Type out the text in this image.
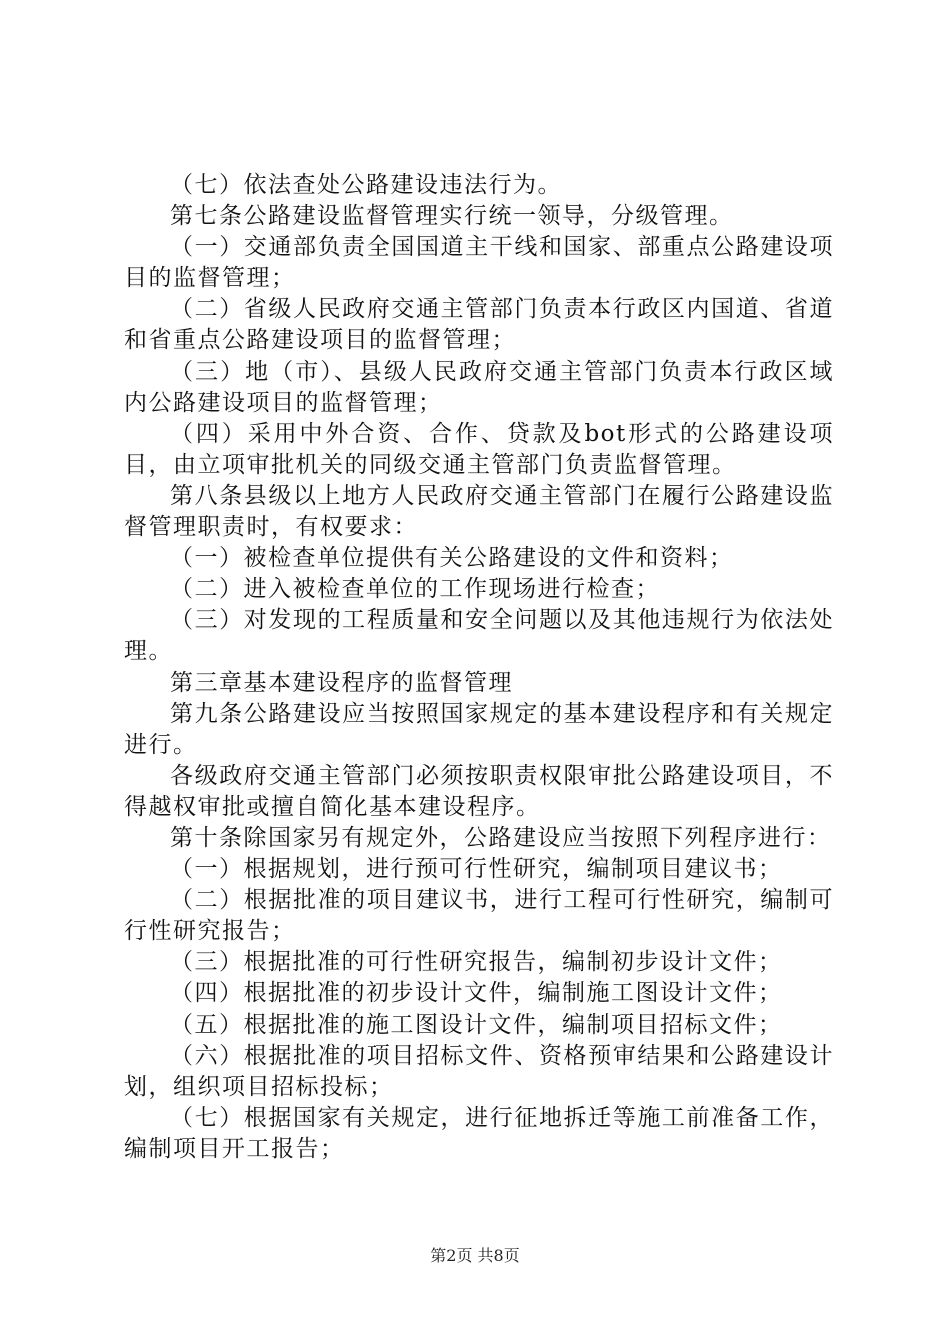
（七）依法查处公路建设违法行为。

第七条公路建设监督管理实行统一领导，分级管理。

（一）交通部负责全国国道主干线和国家、部重点公路建设项目的监督管理；

（二）省级人民政府交通主管部门负责本行政区内国道、省道和省重点公路建设项目的监督管理；

（三）地（市）、县级人民政府交通主管部门负责本行政区域内公路建设项目的监督管理；

（四）采用中外合资、合作、贷款及bot形式的公路建设项目，由立项审批机关的同级交通主管部门负责监督管理。

第八条县级以上地方人民政府交通主管部门在履行公路建设监督管理职责时，有权要求：

（一）被检查单位提供有关公路建设的文件和资料；

（二）进入被检查单位的工作现场进行检查；

（三）对发现的工程质量和安全问题以及其他违规行为依法处理。

第三章基本建设程序的监督管理

第九条公路建设应当按照国家规定的基本建设程序和有关规定进行。

各级政府交通主管部门必须按职责权限审批公路建设项目，不得越权审批或擅自简化基本建设程序。

第十条除国家另有规定外，公路建设应当按照下列程序进行：

（一）根据规划，进行预可行性研究，编制项目建议书；

（二）根据批准的项目建议书，进行工程可行性研究，编制可行性研究报告；

（三）根据批准的可行性研究报告，编制初步设计文件；

（四）根据批准的初步设计文件，编制施工图设计文件；

（五）根据批准的施工图设计文件，编制项目招标文件；

（六）根据批准的项目招标文件、资格预审结果和公路建设计划，组织项目招标投标；

（七）根据国家有关规定，进行征地拆迁等施工前准备工作，编制项目开工报告；

第2页 共8页
